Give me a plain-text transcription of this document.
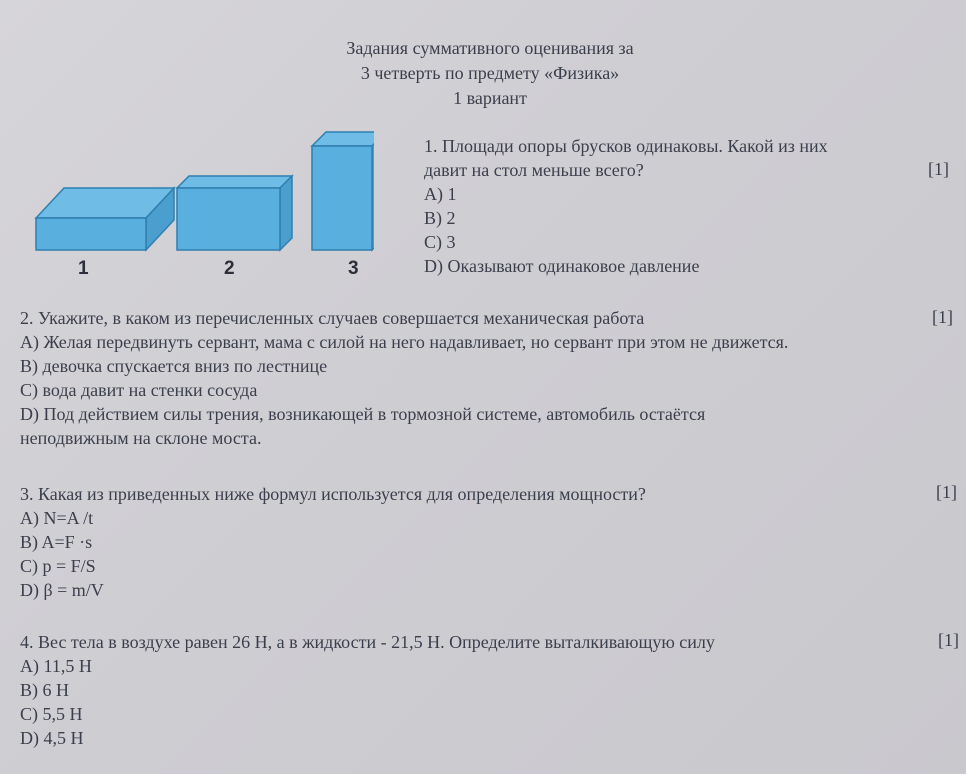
Задания суммативного оценивания за
3 четверть по предмету «Физика»
1 вариант
1	2	3
1. Площади опоры брусков одинаковы. Какой из них
давит на стол меньше всего?
A) 1
B) 2
C) 3
D) Оказывают одинаковое давление
[1]
2. Укажите, в каком из перечисленных случаев совершается механическая работа
A) Желая передвинуть сервант, мама с силой на него надавливает, но сервант при этом не движется.
B) девочка спускается вниз по лестнице
C) вода давит на стенки сосуда
D) Под действием силы трения, возникающей в тормозной системе, автомобиль остаётся
неподвижным на склоне моста.
[1]
3. Какая из приведенных ниже формул используется для определения мощности?
A) N=A /t
B) A=F ·s
C) p = F/S
D) β = m/V
[1]
4. Вес тела в воздухе равен 26 Н, а в жидкости - 21,5 Н. Определите выталкивающую силу
A) 11,5 Н
B) 6 Н
C) 5,5 Н
D) 4,5 Н
[1]
